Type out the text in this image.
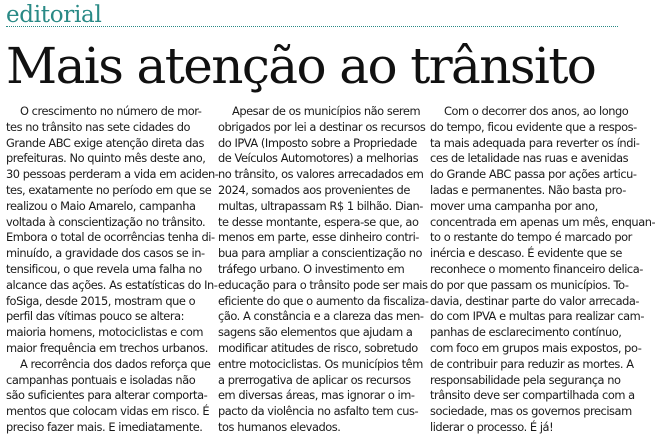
editorial
Mais atenção ao trânsito
O crescimento no número de mor-
tes no trânsito nas sete cidades do
Grande ABC exige atenção direta das
prefeituras. No quinto mês deste ano,
30 pessoas perderam a vida em aciden-
tes, exatamente no período em que se
realizou o Maio Amarelo, campanha
voltada à conscientização no trânsito.
Embora o total de ocorrências tenha di-
minuído, a gravidade dos casos se in-
tensificou, o que revela uma falha no
alcance das ações. As estatísticas do In-
foSiga, desde 2015, mostram que o
perfil das vítimas pouco se altera:
maioria homens, motociclistas e com
maior frequência em trechos urbanos.
A recorrência dos dados reforça que
campanhas pontuais e isoladas não
são suficientes para alterar comporta-
mentos que colocam vidas em risco. É
preciso fazer mais. E imediatamente.
Apesar de os municípios não serem
obrigados por lei a destinar os recursos
do IPVA (Imposto sobre a Propriedade
de Veículos Automotores) a melhorias
no trânsito, os valores arrecadados em
2024, somados aos provenientes de
multas, ultrapassam R$ 1 bilhão. Dian-
te desse montante, espera-se que, ao
menos em parte, esse dinheiro contri-
bua para ampliar a conscientização no
tráfego urbano. O investimento em
educação para o trânsito pode ser mais
eficiente do que o aumento da fiscaliza-
ção. A constância e a clareza das men-
sagens são elementos que ajudam a
modificar atitudes de risco, sobretudo
entre motociclistas. Os municípios têm
a prerrogativa de aplicar os recursos
em diversas áreas, mas ignorar o im-
pacto da violência no asfalto tem cus-
tos humanos elevados.
Com o decorrer dos anos, ao longo
do tempo, ficou evidente que a respos-
ta mais adequada para reverter os índi-
ces de letalidade nas ruas e avenidas
do Grande ABC passa por ações articu-
ladas e permanentes. Não basta pro-
mover uma campanha por ano,
concentrada em apenas um mês, enquan-
to o restante do tempo é marcado por
inércia e descaso. É evidente que se
reconhece o momento financeiro delica-
do por que passam os municípios. To-
davia, destinar parte do valor arrecada-
do com IPVA e multas para realizar cam-
panhas de esclarecimento contínuo,
com foco em grupos mais expostos, po-
de contribuir para reduzir as mortes. A
responsabilidade pela segurança no
trânsito deve ser compartilhada com a
sociedade, mas os governos precisam
liderar o processo. É já!
